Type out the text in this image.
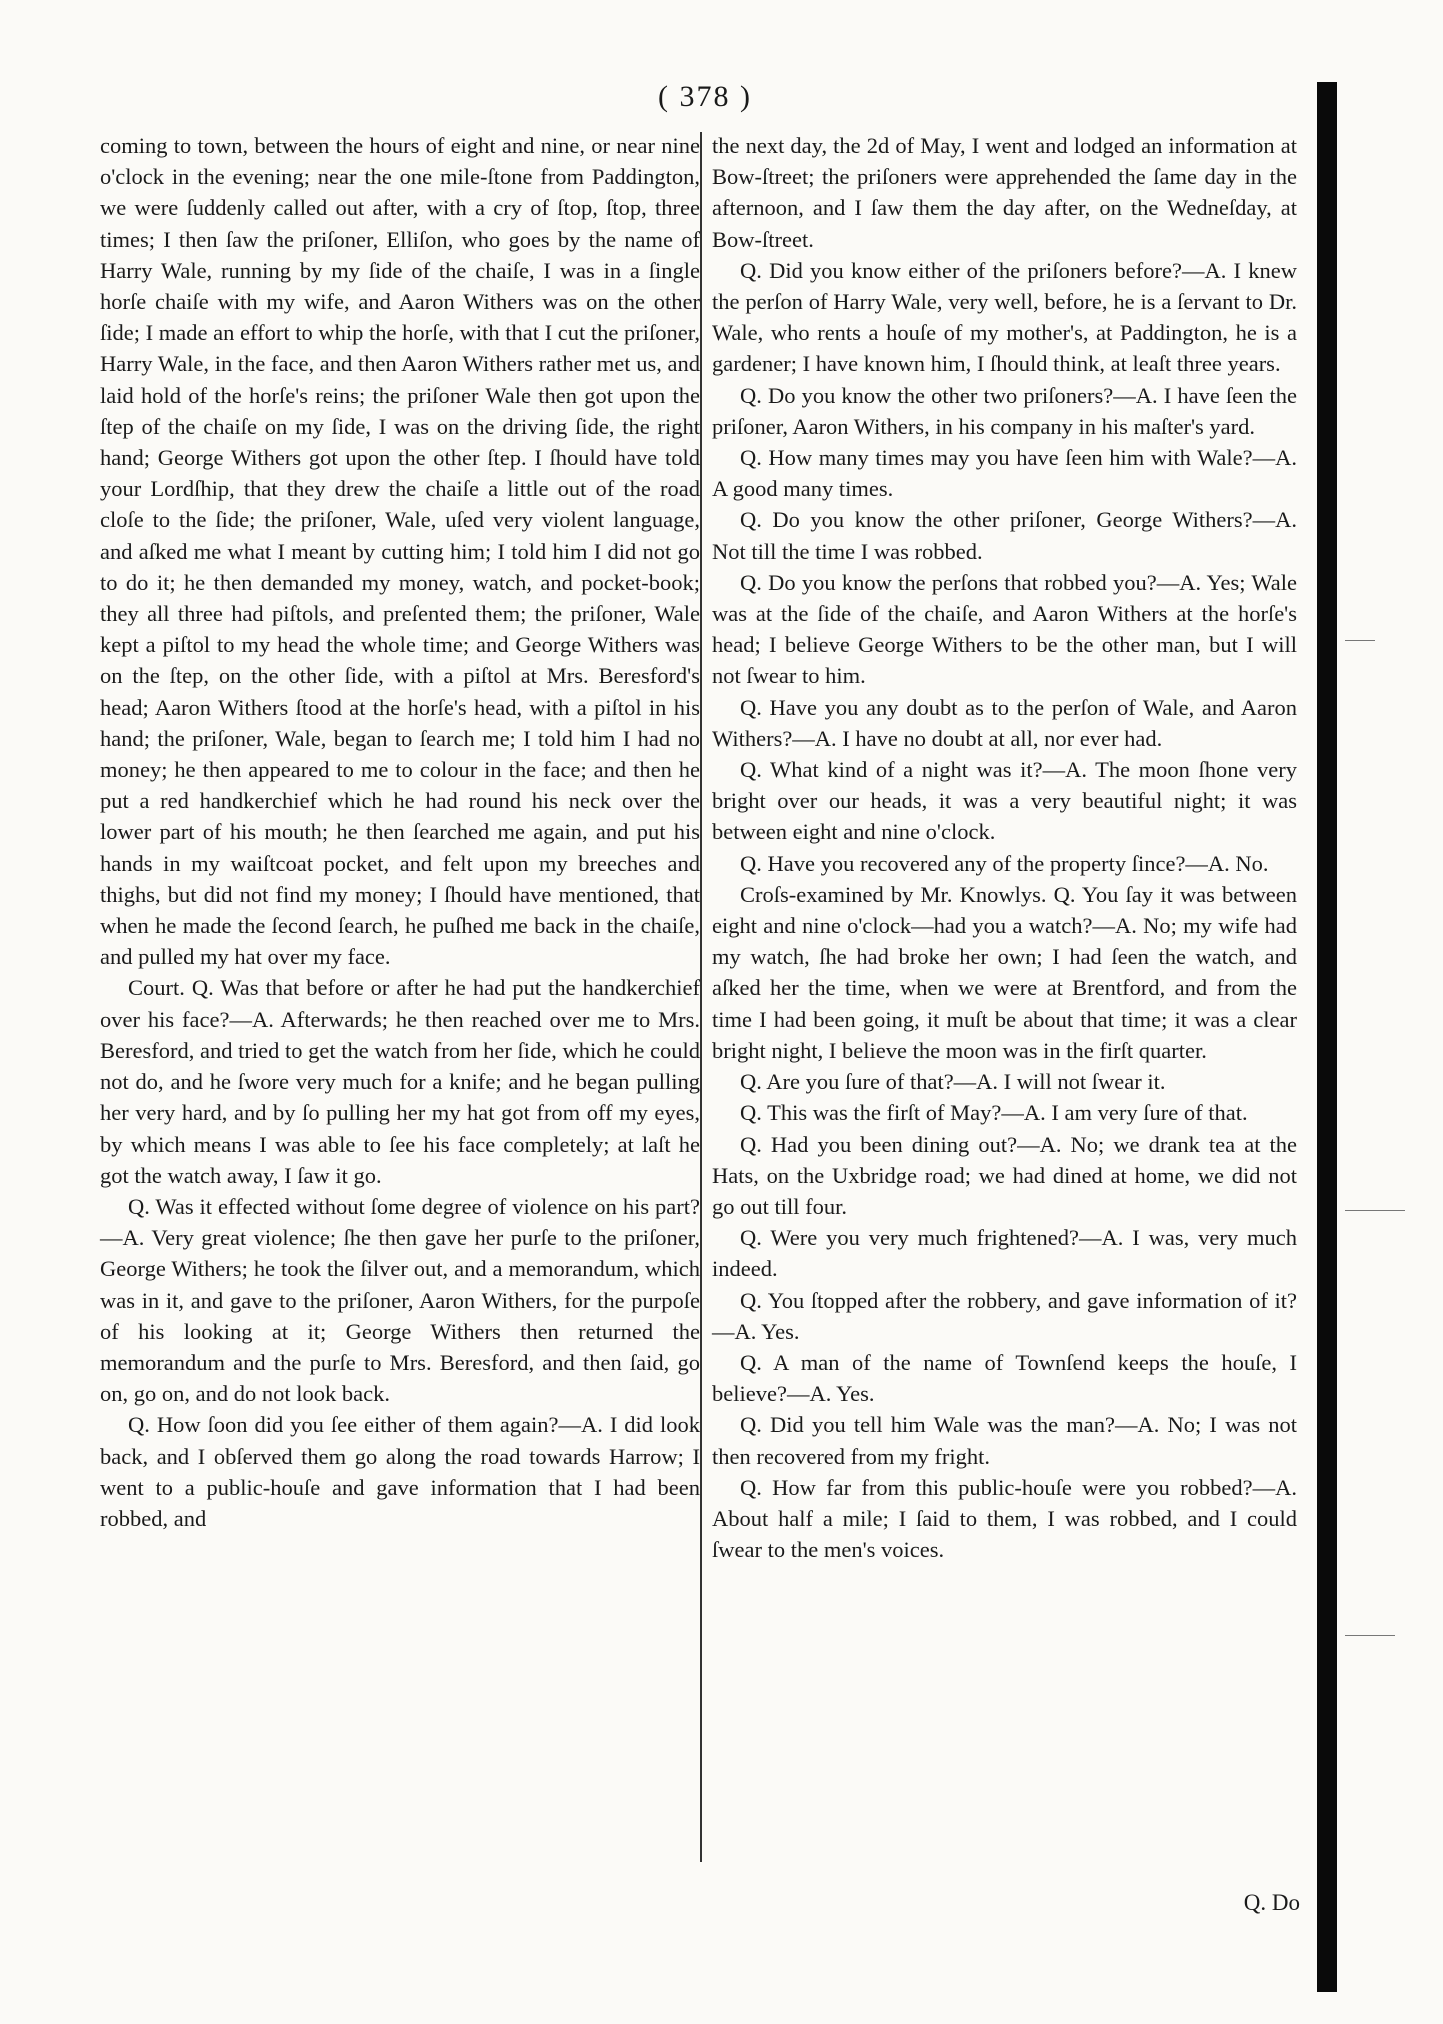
( 378 )

coming to town, between the hours of eight and nine, or near nine o'clock in the evening; near the one mile-ſtone from Paddington, we were ſuddenly called out after, with a cry of ſtop, ſtop, three times; I then ſaw the priſoner, Elliſon, who goes by the name of Harry Wale, running by my ſide of the chaiſe, I was in a ſingle horſe chaiſe with my wife, and Aaron Withers was on the other ſide; I made an effort to whip the horſe, with that I cut the priſoner, Harry Wale, in the face, and then Aaron Withers rather met us, and laid hold of the horſe's reins; the priſoner Wale then got upon the ſtep of the chaiſe on my ſide, I was on the driving ſide, the right hand; George Withers got upon the other ſtep. I ſhould have told your Lordſhip, that they drew the chaiſe a little out of the road cloſe to the ſide; the priſoner, Wale, uſed very violent language, and aſked me what I meant by cutting him; I told him I did not go to do it; he then demanded my money, watch, and pocket-book; they all three had piſtols, and preſented them; the priſoner, Wale kept a piſtol to my head the whole time; and George Withers was on the ſtep, on the other ſide, with a piſtol at Mrs. Beresford's head; Aaron Withers ſtood at the horſe's head, with a piſtol in his hand; the priſoner, Wale, began to ſearch me; I told him I had no money; he then appeared to me to colour in the face; and then he put a red handkerchief which he had round his neck over the lower part of his mouth; he then ſearched me again, and put his hands in my waiſtcoat pocket, and felt upon my breeches and thighs, but did not find my money; I ſhould have mentioned, that when he made the ſecond ſearch, he puſhed me back in the chaiſe, and pulled my hat over my face.

Court. Q. Was that before or after he had put the handkerchief over his face?—A. Afterwards; he then reached over me to Mrs. Beresford, and tried to get the watch from her ſide, which he could not do, and he ſwore very much for a knife; and he began pulling her very hard, and by ſo pulling her my hat got from off my eyes, by which means I was able to ſee his face completely; at laſt he got the watch away, I ſaw it go.

Q. Was it effected without ſome degree of violence on his part?—A. Very great violence; ſhe then gave her purſe to the priſoner, George Withers; he took the ſilver out, and a memorandum, which was in it, and gave to the priſoner, Aaron Withers, for the purpoſe of his looking at it; George Withers then returned the memorandum and the purſe to Mrs. Beresford, and then ſaid, go on, go on, and do not look back.

Q. How ſoon did you ſee either of them again?—A. I did look back, and I obſerved them go along the road towards Harrow; I went to a public-houſe and gave information that I had been robbed, and

the next day, the 2d of May, I went and lodged an information at Bow-ſtreet; the priſoners were apprehended the ſame day in the afternoon, and I ſaw them the day after, on the Wedneſday, at Bow-ſtreet.

Q. Did you know either of the priſoners before?—A. I knew the perſon of Harry Wale, very well, before, he is a ſervant to Dr. Wale, who rents a houſe of my mother's, at Paddington, he is a gardener; I have known him, I ſhould think, at leaſt three years.

Q. Do you know the other two priſoners?—A. I have ſeen the priſoner, Aaron Withers, in his company in his maſter's yard.

Q. How many times may you have ſeen him with Wale?—A. A good many times.

Q. Do you know the other priſoner, George Withers?—A. Not till the time I was robbed.

Q. Do you know the perſons that robbed you?—A. Yes; Wale was at the ſide of the chaiſe, and Aaron Withers at the horſe's head; I believe George Withers to be the other man, but I will not ſwear to him.

Q. Have you any doubt as to the perſon of Wale, and Aaron Withers?—A. I have no doubt at all, nor ever had.

Q. What kind of a night was it?—A. The moon ſhone very bright over our heads, it was a very beautiful night; it was between eight and nine o'clock.

Q. Have you recovered any of the property ſince?—A. No.

Croſs-examined by Mr. Knowlys. Q. You ſay it was between eight and nine o'clock—had you a watch?—A. No; my wife had my watch, ſhe had broke her own; I had ſeen the watch, and aſked her the time, when we were at Brentford, and from the time I had been going, it muſt be about that time; it was a clear bright night, I believe the moon was in the firſt quarter.

Q. Are you ſure of that?—A. I will not ſwear it.

Q. This was the firſt of May?—A. I am very ſure of that.

Q. Had you been dining out?—A. No; we drank tea at the Hats, on the Uxbridge road; we had dined at home, we did not go out till four.

Q. Were you very much frightened?—A. I was, very much indeed.

Q. You ſtopped after the robbery, and gave information of it?—A. Yes.

Q. A man of the name of Townſend keeps the houſe, I believe?—A. Yes.

Q. Did you tell him Wale was the man?—A. No; I was not then recovered from my fright.

Q. How far from this public-houſe were you robbed?—A. About half a mile; I ſaid to them, I was robbed, and I could ſwear to the men's voices.

Q. Do
